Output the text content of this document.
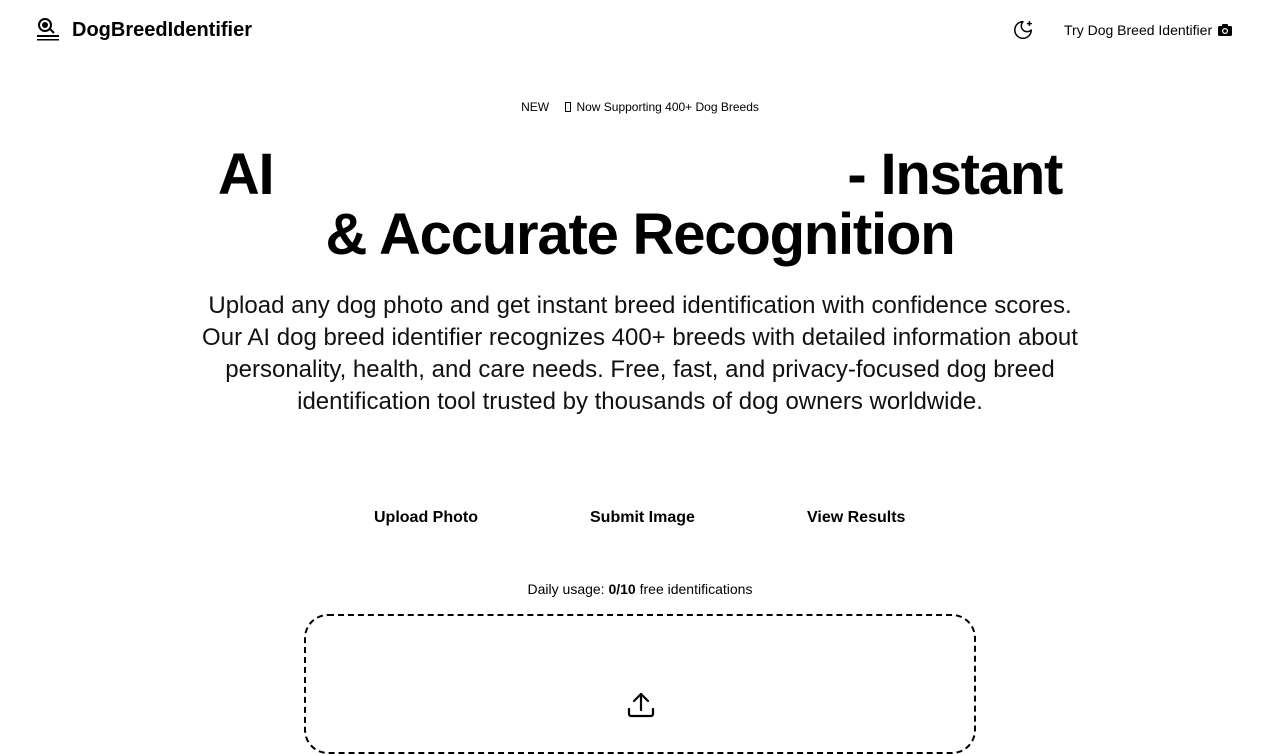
DogBreedIdentifier	Try Dog Breed Identifier
NEW Now Supporting 400+ Dog Breeds
AI	- Instant
& Accurate Recognition

Upload any dog photo and get instant breed identification with confidence scores. Our AI dog breed identifier recognizes 400+ breeds with detailed information about personality, health, and care needs. Free, fast, and privacy-focused dog breed identification tool trusted by thousands of dog owners worldwide.

Upload Photo	Submit Image	View Results
Daily usage: 0/10 free identifications
